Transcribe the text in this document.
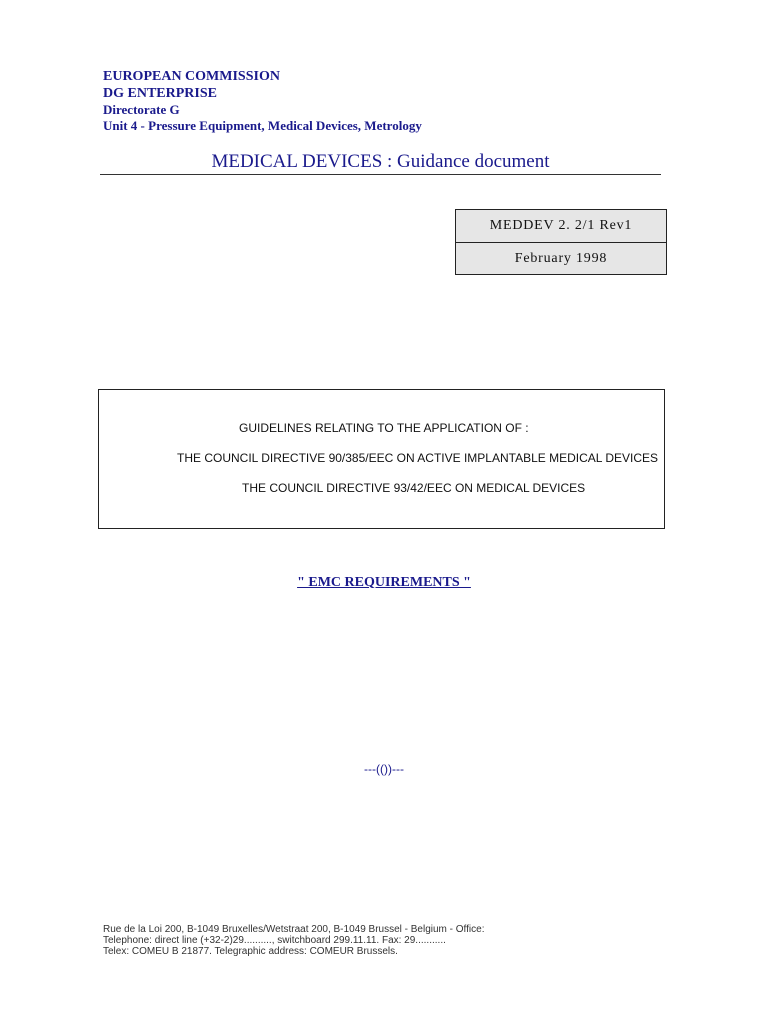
EUROPEAN COMMISSION
DG ENTERPRISE
Directorate G
Unit 4 - Pressure Equipment, Medical Devices, Metrology
MEDICAL DEVICES : Guidance document
MEDDEV 2. 2/1 Rev1
February 1998
GUIDELINES RELATING TO THE APPLICATION OF :
THE COUNCIL DIRECTIVE 90/385/EEC ON ACTIVE IMPLANTABLE MEDICAL DEVICES
THE COUNCIL DIRECTIVE 93/42/EEC ON MEDICAL DEVICES
" EMC REQUIREMENTS "
---(())---
Rue de la Loi 200, B-1049 Bruxelles/Wetstraat 200, B-1049 Brussel - Belgium - Office:
Telephone: direct line (+32-2)29.........., switchboard 299.11.11. Fax: 29...........
Telex: COMEU B 21877. Telegraphic address: COMEUR Brussels.
